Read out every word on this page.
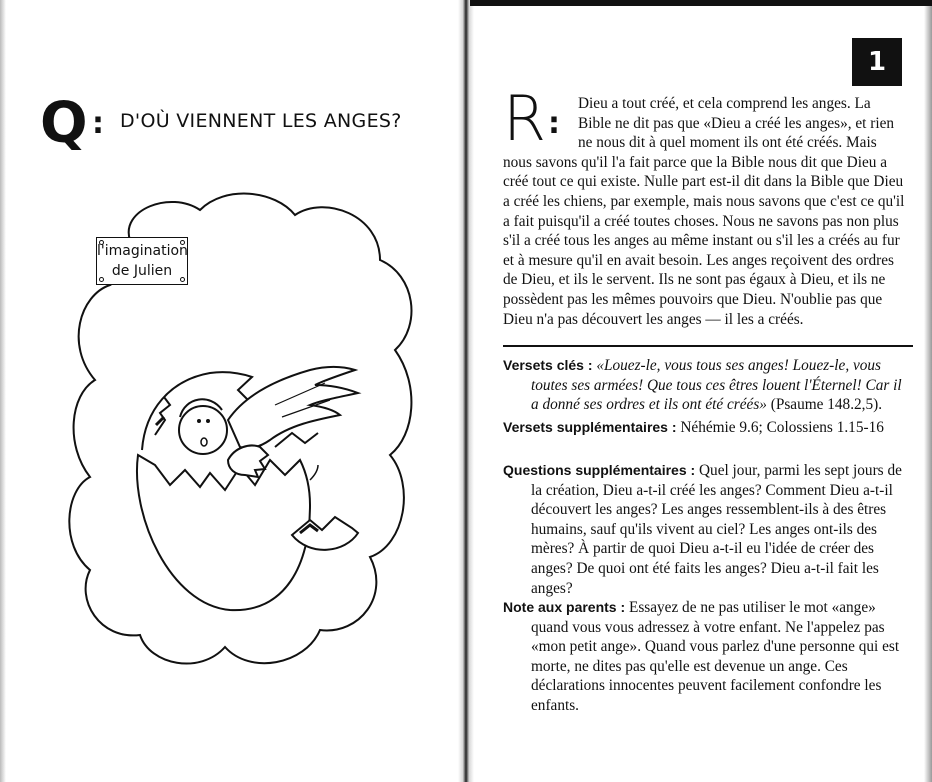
Q : D'OÙ VIENNENT LES ANGES?
l'imagination
de Julien
1
R :

Dieu a tout créé, et cela comprend les anges. La Bible ne dit pas que «Dieu a créé les anges», et rien ne nous dit à quel moment ils ont été créés. Mais nous savons qu'il l'a fait parce que la Bible nous dit que Dieu a créé tout ce qui existe. Nulle part est-il dit dans la Bible que Dieu a créé les chiens, par exemple, mais nous savons que c'est ce qu'il a fait puisqu'il a créé toutes choses. Nous ne savons pas non plus s'il a créé tous les anges au même instant ou s'il les a créés au fur et à mesure qu'il en avait besoin. Les anges reçoivent des ordres de Dieu, et ils le servent. Ils ne sont pas égaux à Dieu, et ils ne possèdent pas les mêmes pouvoirs que Dieu. N'oublie pas que Dieu n'a pas découvert les anges — il les a créés.

Versets clés : «Louez-le, vous tous ses anges! Louez-le, vous toutes ses armées! Que tous ces êtres louent l'Éternel! Car il a donné ses ordres et ils ont été créés» (Psaume 148.2,5).

Versets supplémentaires : Néhémie 9.6; Colossiens 1.15-16

Questions supplémentaires : Quel jour, parmi les sept jours de la création, Dieu a-t-il créé les anges? Comment Dieu a-t-il découvert les anges? Les anges ressemblent-ils à des êtres humains, sauf qu'ils vivent au ciel? Les anges ont-ils des mères? À partir de quoi Dieu a-t-il eu l'idée de créer des anges? De quoi ont été faits les anges? Dieu a-t-il fait les anges?

Note aux parents : Essayez de ne pas utiliser le mot «ange» quand vous vous adressez à votre enfant. Ne l'appelez pas «mon petit ange». Quand vous parlez d'une personne qui est morte, ne dites pas qu'elle est devenue un ange. Ces déclarations innocentes peuvent facilement confondre les enfants.
